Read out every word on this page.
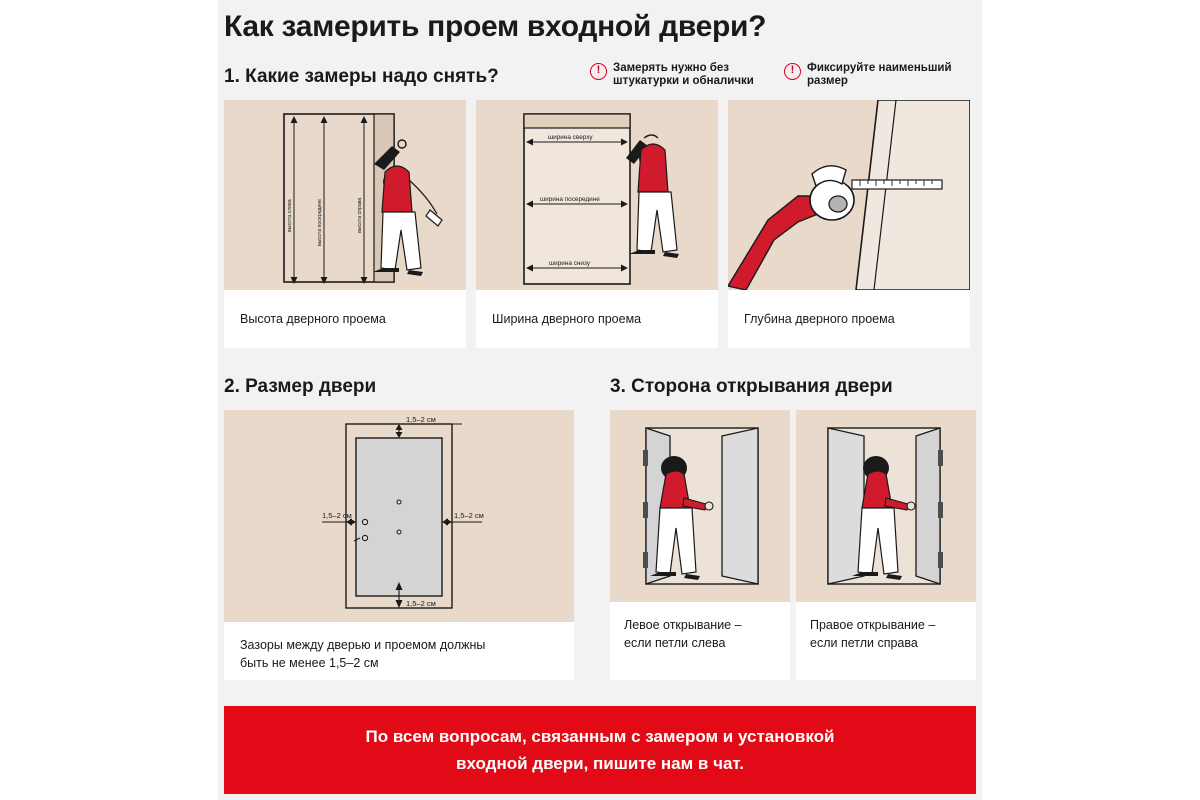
Как замерить проем входной двери?
1. Какие замеры надо снять?	!	Замерять нужно без штукатурки и обналички
!	Фиксируйте наименьший размер
высота слева	высота посередине	высота справа
Высота дверного проема
ширина сверху
ширина посередине
ширина снизу
Ширина дверного проема	Глубина дверного проема
2. Размер двери	3. Сторона открывания двери
1,5–2 см
1,5–2 см	1,5–2 см
1,5–2 см
Зазоры между дверью и проемом должны
быть не менее 1,5–2 см
Левое открывание –
если петли слева
Правое открывание –
если петли справа
По всем вопросам, связанным с замером и установкой
входной двери, пишите нам в чат.
